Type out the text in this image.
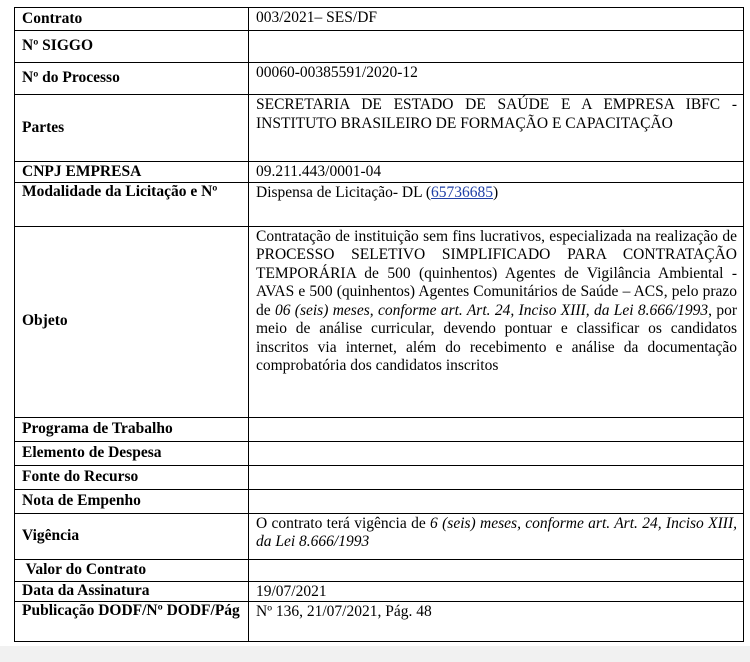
Contrato	003/2021– SES/DF
Nº SIGGO	
Nº do Processo	00060-00385591/2020-12
Partes	SECRETARIA DE ESTADO DE SAÚDE E A EMPRESA IBFC - INSTITUTO BRASILEIRO DE FORMAÇÃO E CAPACITAÇÃO
CNPJ EMPRESA	09.211.443/0001-04
Modalidade da Licitação e Nº	Dispensa de Licitação- DL (65736685)
Objeto	Contratação de instituição sem fins lucrativos, especializada na realização de PROCESSO SELETIVO SIMPLIFICADO PARA CONTRATAÇÃO TEMPORÁRIA de 500 (quinhentos) Agentes de Vigilância Ambiental - AVAS e 500 (quinhentos) Agentes Comunitários de Saúde – ACS, pelo prazo de 06 (seis) meses, conforme art. Art. 24, Inciso XIII, da Lei 8.666/1993, por meio de análise curricular, devendo pontuar e classificar os candidatos inscritos via internet, além do recebimento e análise da documentação comprobatória dos candidatos inscritos
Programa de Trabalho	
Elemento de Despesa	
Fonte do Recurso	
Nota de Empenho	
Vigência	O contrato terá vigência de 6 (seis) meses, conforme art. Art. 24, Inciso XIII, da Lei 8.666/1993
Valor do Contrato	
Data da Assinatura	19/07/2021
Publicação DODF/Nº DODF/Pág	Nº 136, 21/07/2021, Pág. 48
